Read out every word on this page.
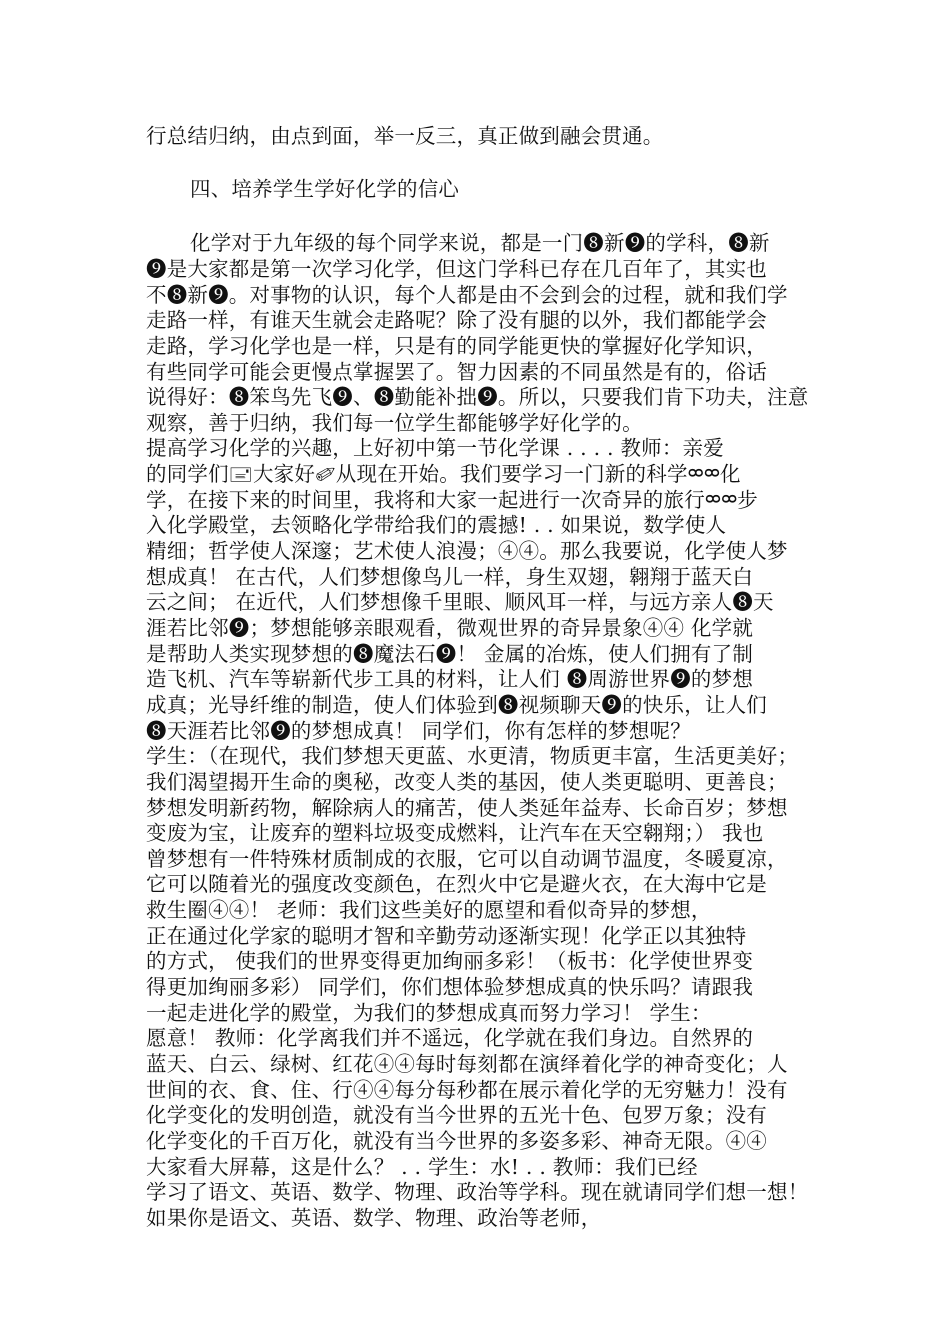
行总结归纳，由点到面，举一反三，真正做到融会贯通。
四、培养学生学好化学的信心
化学对于九年级的每个同学来说，都是一门❽新❾的学科，❽新
❾是大家都是第一次学习化学，但这门学科已存在几百年了，其实也
不❽新❾。对事物的认识，每个人都是由不会到会的过程，就和我们学
走路一样，有谁天生就会走路呢？除了没有腿的以外，我们都能学会
走路，学习化学也是一样，只是有的同学能更快的掌握好化学知识，
有些同学可能会更慢点掌握罢了。智力因素的不同虽然是有的，俗话
说得好：❽笨鸟先飞❾、❽勤能补拙❾。所以，只要我们肯下功夫，注意
观察，善于归纳，我们每一位学生都能够学好化学的。
提高学习化学的兴趣，上好初中第一节化学课 . . . . 教师：亲爱
的同学们🖃大家好✐从现在开始。我们要学习一门新的科学ᢁᢁ化
学，在接下来的时间里，我将和大家一起进行一次奇异的旅行ᢁᢁ步
入化学殿堂，去领略化学带给我们的震撼! . . 如果说，数学使人
精细；哲学使人深邃；艺术使人浪漫；④④。那么我要说，化学使人梦
想成真！ 在古代，人们梦想像鸟儿一样，身生双翅，翱翔于蓝天白
云之间； 在近代，人们梦想像千里眼、顺风耳一样，与远方亲人❽天
涯若比邻❾；梦想能够亲眼观看，微观世界的奇异景象④④ 化学就
是帮助人类实现梦想的❽魔法石❾！ 金属的冶炼，使人们拥有了制
造飞机、汽车等崭新代步工具的材料，让人们 ❽周游世界❾的梦想
成真；光导纤维的制造，使人们体验到❽视频聊天❾的快乐，让人们
❽天涯若比邻❾的梦想成真！ 同学们，你有怎样的梦想呢？
学生：（在现代，我们梦想天更蓝、水更清，物质更丰富，生活更美好；
我们渴望揭开生命的奥秘，改变人类的基因，使人类更聪明、更善良；
梦想发明新药物，解除病人的痛苦，使人类延年益寿、长命百岁；梦想
变废为宝，让废弃的塑料垃圾变成燃料，让汽车在天空翱翔；） 我也
曾梦想有一件特殊材质制成的衣服，它可以自动调节温度，冬暖夏凉，
它可以随着光的强度改变颜色，在烈火中它是避火衣，在大海中它是
救生圈④④！ 老师：我们这些美好的愿望和看似奇异的梦想，
正在通过化学家的聪明才智和辛勤劳动逐渐实现！化学正以其独特
的方式， 使我们的世界变得更加绚丽多彩！（板书：化学使世界变
得更加绚丽多彩） 同学们，你们想体验梦想成真的快乐吗？请跟我
一起走进化学的殿堂，为我们的梦想成真而努力学习！ 学生：
愿意！ 教师：化学离我们并不遥远，化学就在我们身边。自然界的
蓝天、白云、绿树、红花④④每时每刻都在演绎着化学的神奇变化；人
世间的衣、食、住、行④④每分每秒都在展示着化学的无穷魅力！没有
化学变化的发明创造，就没有当今世界的五光十色、包罗万象；没有
化学变化的千百万化，就没有当今世界的多姿多彩、神奇无限。④④
大家看大屏幕，这是什么？ . . 学生：水! . . 教师：我们已经
学习了语文、英语、数学、物理、政治等学科。现在就请同学们想一想！
如果你是语文、英语、数学、物理、政治等老师，
